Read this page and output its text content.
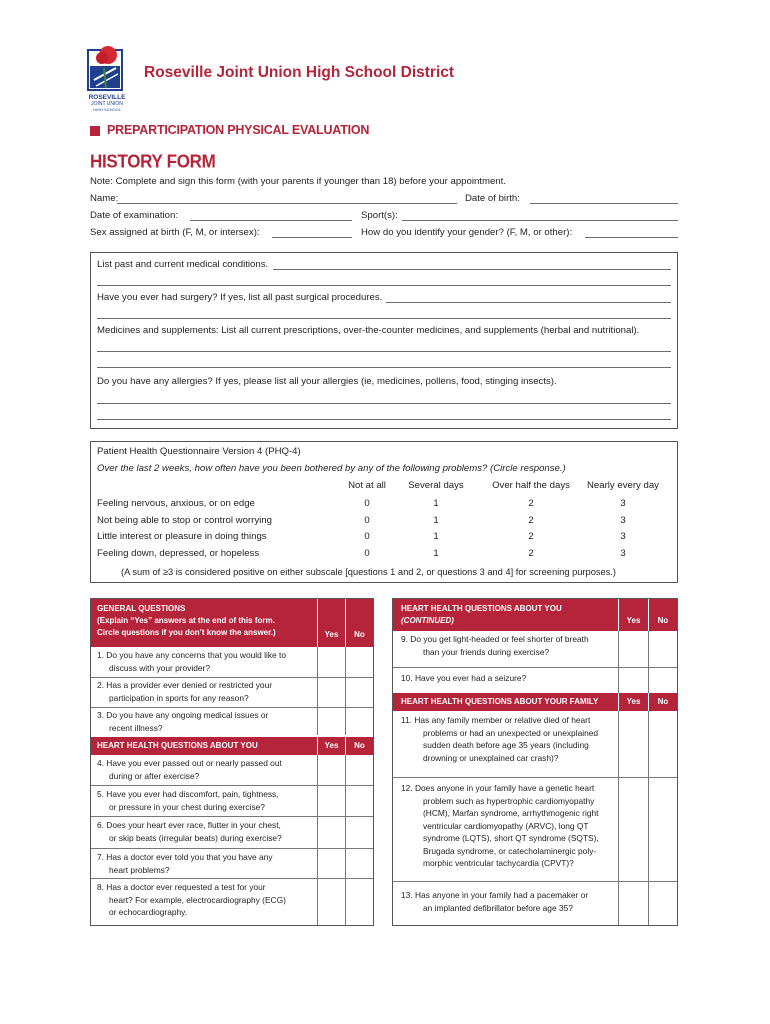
ROSEVILLE
JOINT UNION
HIGH SCHOOL
Roseville Joint Union High School District
PREPARTICIPATION PHYSICAL EVALUATION
HISTORY FORM
Note: Complete and sign this form (with your parents if younger than 18) before your appointment.
Name:	Date of birth:
Date of examination:	Sport(s):
Sex assigned at birth (F, M, or intersex):	How do you identify your gender? (F, M, or other):
List past and current medical conditions.
Have you ever had surgery? If yes, list all past surgical procedures.
Medicines and supplements: List all current prescriptions, over-the-counter medicines, and supplements (herbal and nutritional).
Do you have any allergies? If yes, please list all your allergies (ie, medicines, pollens, food, stinging insects).
Patient Health Questionnaire Version 4 (PHQ-4)
Over the last 2 weeks, how often have you been bothered by any of the following problems? (Circle response.)
Not at all	Several days	Over half the days	Nearly every day
Feeling nervous, anxious, or on edge	0	1	2	3
Not being able to stop or control worrying	0	1	2	3
Little interest or pleasure in doing things	0	1	2	3
Feeling down, depressed, or hopeless	0	1	2	3
(A sum of ≥3 is considered positive on either subscale [questions 1 and 2, or questions 3 and 4] for screening purposes.)
GENERAL QUESTIONS
(Explain “Yes” answers at the end of this form.
Circle questions if you don’t know the answer.)	Yes	No
1. Do you have any concerns that you would like to
discuss with your provider?
2. Has a provider ever denied or restricted your
participation in sports for any reason?
3. Do you have any ongoing medical issues or
recent illness?
HEART HEALTH QUESTIONS ABOUT YOU	Yes	No
4. Have you ever passed out or nearly passed out
during or after exercise?
5. Have you ever had discomfort, pain, tightness,
or pressure in your chest during exercise?
6. Does your heart ever race, flutter in your chest,
or skip beats (irregular beats) during exercise?
7. Has a doctor ever told you that you have any
heart problems?
8. Has a doctor ever requested a test for your
heart? For example, electrocardiography (ECG)
or echocardiography.
HEART HEALTH QUESTIONS ABOUT YOU
(CONTINUED)	Yes	No
9. Do you get light-headed or feel shorter of breath
than your friends during exercise?
10. Have you ever had a seizure?
HEART HEALTH QUESTIONS ABOUT YOUR FAMILY	Yes	No
11. Has any family member or relative died of heart
problems or had an unexpected or unexplained
sudden death before age 35 years (including
drowning or unexplained car crash)?
12. Does anyone in your family have a genetic heart
problem such as hypertrophic cardiomyopathy
(HCM), Marfan syndrome, arrhythmogenic right
ventricular cardiomyopathy (ARVC), long QT
syndrome (LQTS), short QT syndrome (SQTS),
Brugada syndrome, or catecholaminergic poly-
morphic ventricular tachycardia (CPVT)?
13. Has anyone in your family had a pacemaker or
an implanted defibrillator before age 35?
